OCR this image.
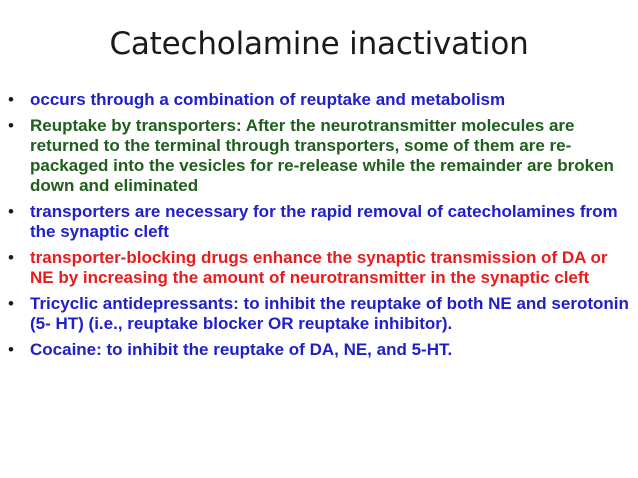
Catecholamine inactivation
• occurs through a combination of reuptake and metabolism
• Reuptake by transporters: After the neurotransmitter molecules are returned to the terminal through transporters, some of them are re-packaged into the vesicles for re-release while the remainder are broken down and eliminated
• transporters are necessary for the rapid removal of catecholamines from the synaptic cleft
• transporter-blocking drugs enhance the synaptic transmission of DA or NE by increasing the amount of neurotransmitter in the synaptic cleft
• Tricyclic antidepressants: to inhibit the reuptake of both NE and serotonin (5- HT) (i.e., reuptake blocker OR reuptake inhibitor).
• Cocaine: to inhibit the reuptake of DA, NE, and 5-HT.
